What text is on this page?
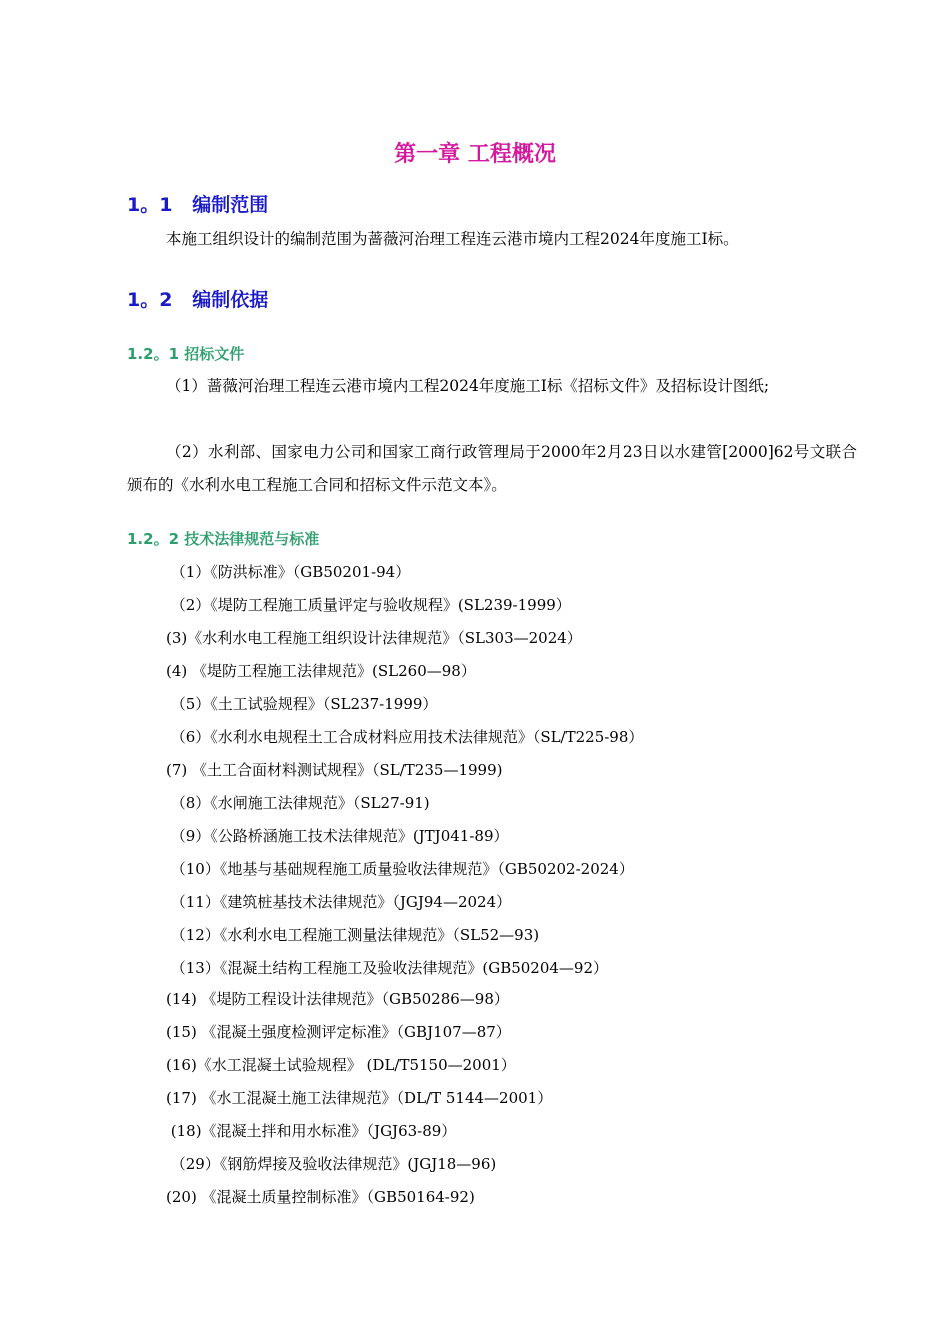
第一章 工程概况
1。1   编制范围
本施工组织设计的编制范围为蔷薇河治理工程连云港市境内工程2024年度施工I标。
1。2   编制依据
1.2。1 招标文件
（1）蔷薇河治理工程连云港市境内工程2024年度施工I标《招标文件》及招标设计图纸;
（2）水利部、国家电力公司和国家工商行政管理局于2000年2月23日以水建管[2000]62号文联合颁布的《水利水电工程施工合同和招标文件示范文本》。
1.2。2 技术法律规范与标准
（1）《防洪标准》（GB50201-94）
（2）《堤防工程施工质量评定与验收规程》(SL239-1999）
(3)《水利水电工程施工组织设计法律规范》（SL303—2024）
(4) 《堤防工程施工法律规范》(SL260—98）
（5）《土工试验规程》（SL237-1999）
（6）《水利水电规程土工合成材料应用技术法律规范》（SL/T225-98）
(7) 《土工合面材料测试规程》（SL/T235—1999)
（8）《水闸施工法律规范》（SL27-91)
（9）《公路桥涵施工技术法律规范》(JTJ041-89）
（10）《地基与基础规程施工质量验收法律规范》（GB50202-2024）
（11）《建筑桩基技术法律规范》（JGJ94—2024）
（12）《水利水电工程施工测量法律规范》（SL52—93)
（13）《混凝土结构工程施工及验收法律规范》(GB50204—92）
(14) 《堤防工程设计法律规范》（GB50286—98）
(15) 《混凝土强度检测评定标准》（GBJ107—87）
(16)《水工混凝土试验规程》 (DL/T5150—2001）
(17) 《水工混凝土施工法律规范》（DL/T 5144—2001）
(18)《混凝土拌和用水标准》（JGJ63-89）
（29）《钢筋焊接及验收法律规范》(JGJ18—96)
(20) 《混凝土质量控制标准》（GB50164-92)
